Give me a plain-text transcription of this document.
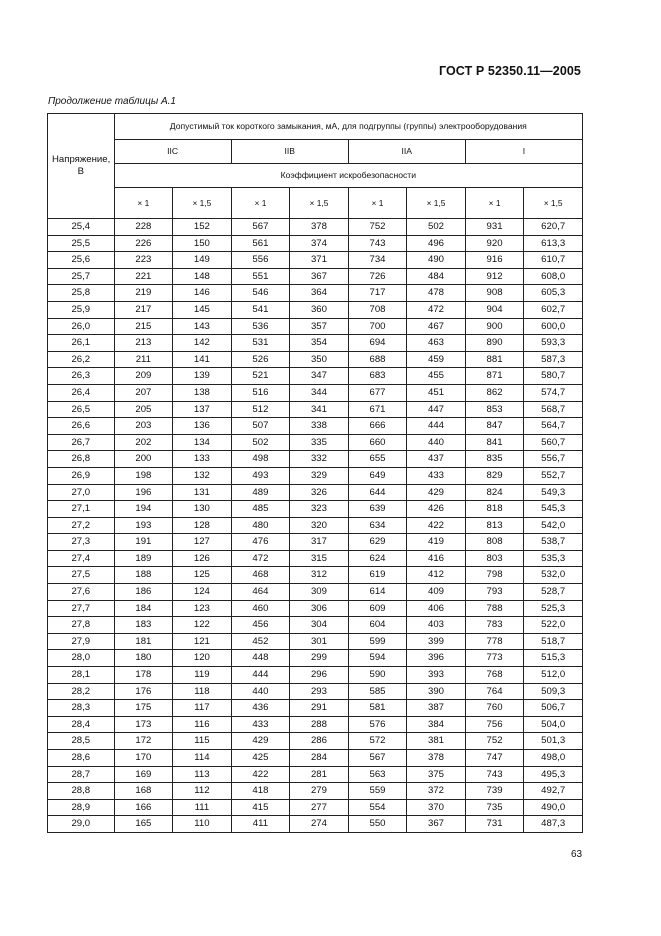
ГОСТ Р 52350.11—2005
Продолжение таблицы А.1
Напряжение, В	Допустимый ток короткого замыкания, мА, для подгруппы (группы) электрооборудования							
	IIC		IIB		IIA		I	
	Коэффициент искробезопасности							
	× 1	× 1,5	× 1	× 1,5	× 1	× 1,5	× 1	× 1,5
25,4	228	152	567	378	752	502	931	620,7
25,5	226	150	561	374	743	496	920	613,3
25,6	223	149	556	371	734	490	916	610,7
25,7	221	148	551	367	726	484	912	608,0
25,8	219	146	546	364	717	478	908	605,3
25,9	217	145	541	360	708	472	904	602,7
26,0	215	143	536	357	700	467	900	600,0
26,1	213	142	531	354	694	463	890	593,3
26,2	211	141	526	350	688	459	881	587,3
26,3	209	139	521	347	683	455	871	580,7
26,4	207	138	516	344	677	451	862	574,7
26,5	205	137	512	341	671	447	853	568,7
26,6	203	136	507	338	666	444	847	564,7
26,7	202	134	502	335	660	440	841	560,7
26,8	200	133	498	332	655	437	835	556,7
26,9	198	132	493	329	649	433	829	552,7
27,0	196	131	489	326	644	429	824	549,3
27,1	194	130	485	323	639	426	818	545,3
27,2	193	128	480	320	634	422	813	542,0
27,3	191	127	476	317	629	419	808	538,7
27,4	189	126	472	315	624	416	803	535,3
27,5	188	125	468	312	619	412	798	532,0
27,6	186	124	464	309	614	409	793	528,7
27,7	184	123	460	306	609	406	788	525,3
27,8	183	122	456	304	604	403	783	522,0
27,9	181	121	452	301	599	399	778	518,7
28,0	180	120	448	299	594	396	773	515,3
28,1	178	119	444	296	590	393	768	512,0
28,2	176	118	440	293	585	390	764	509,3
28,3	175	117	436	291	581	387	760	506,7
28,4	173	116	433	288	576	384	756	504,0
28,5	172	115	429	286	572	381	752	501,3
28,6	170	114	425	284	567	378	747	498,0
28,7	169	113	422	281	563	375	743	495,3
28,8	168	112	418	279	559	372	739	492,7
28,9	166	111	415	277	554	370	735	490,0
29,0	165	110	411	274	550	367	731	487,3
63
